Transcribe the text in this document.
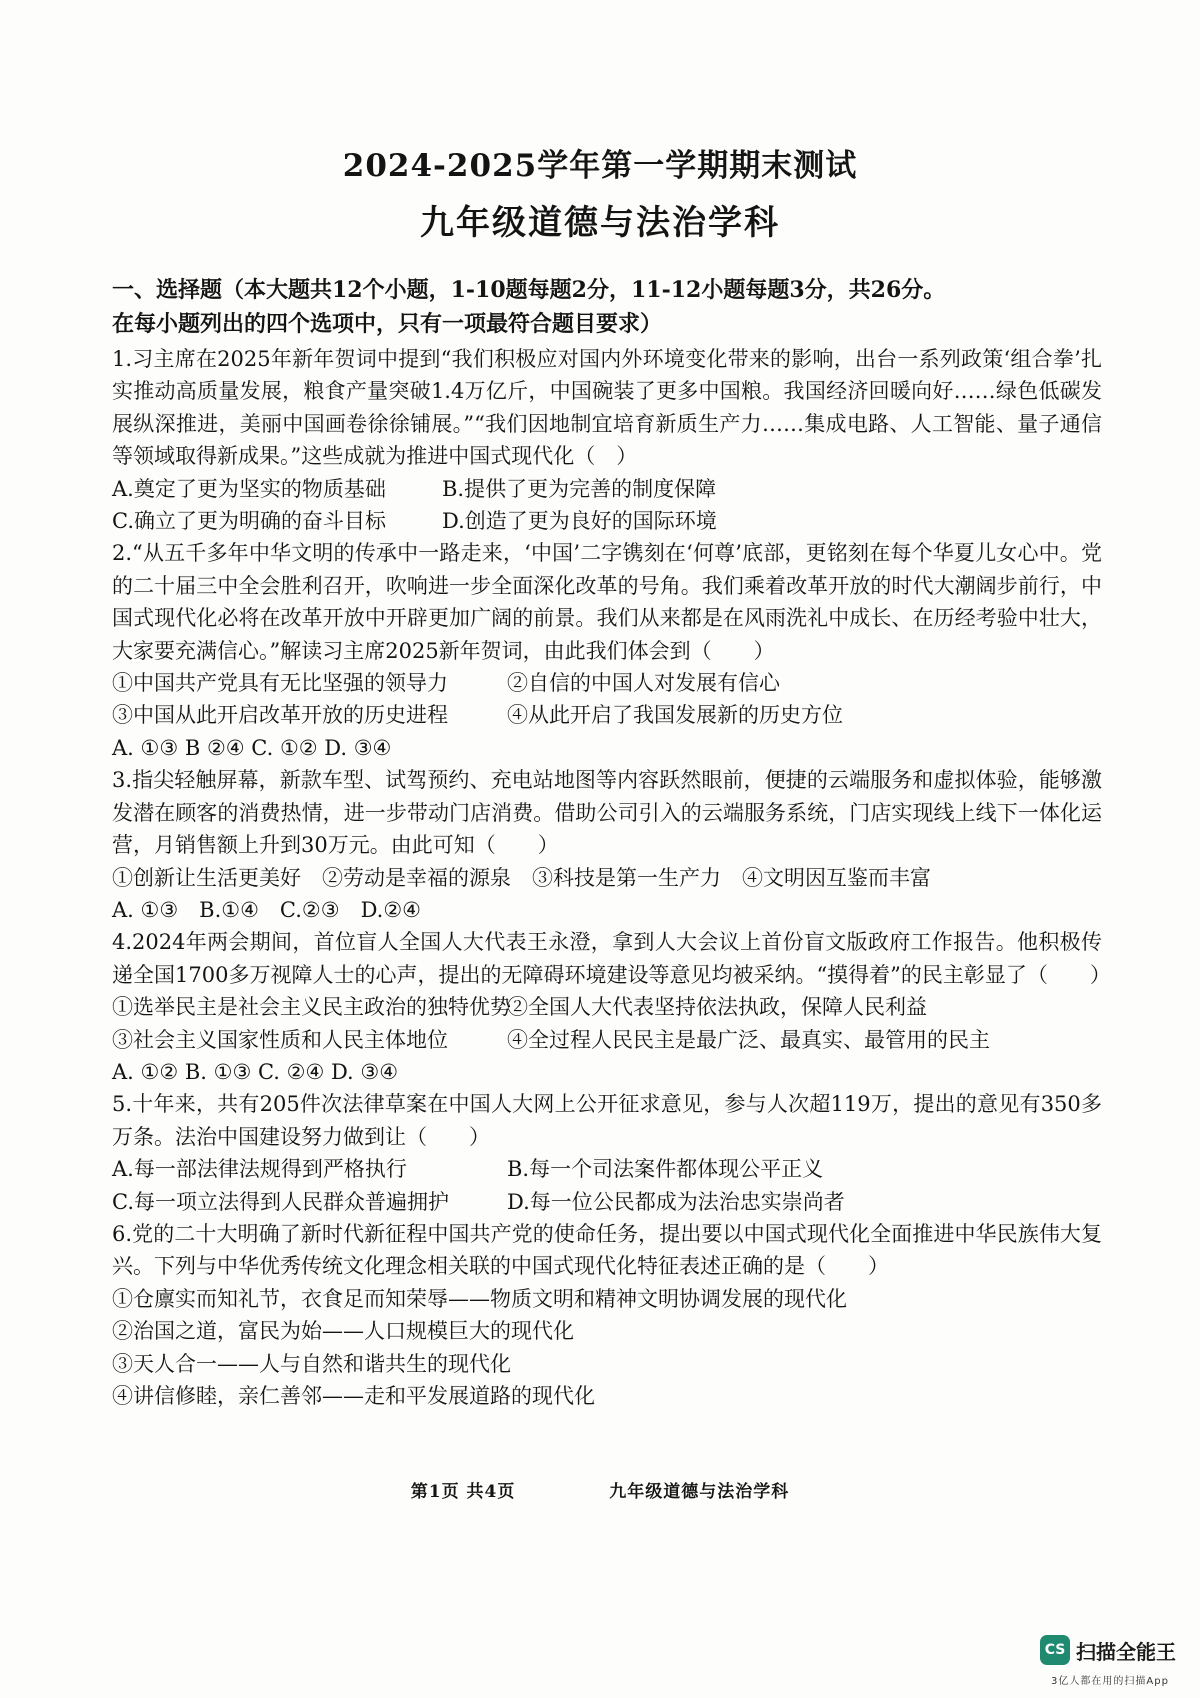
2024-2025学年第一学期期末测试
九年级道德与法治学科
一、选择题（本大题共12个小题，1-10题每题2分，11-12小题每题3分，共26分。
在每小题列出的四个选项中，只有一项最符合题目要求）

1.习主席在2025年新年贺词中提到“我们积极应对国内外环境变化带来的影响，出台一系列政策‘组合拳’扎实推动高质量发展，粮食产量突破1.4万亿斤，中国碗装了更多中国粮。我国经济回暖向好……绿色低碳发展纵深推进，美丽中国画卷徐徐铺展。”“我们因地制宜培育新质生产力……集成电路、人工智能、量子通信等领域取得新成果。”这些成就为推进中国式现代化（　）

A.奠定了更为坚实的物质基础	B.提供了更为完善的制度保障
C.确立了更为明确的奋斗目标	D.创造了更为良好的国际环境

2.“从五千多年中华文明的传承中一路走来，‘中国’二字镌刻在‘何尊’底部，更铭刻在每个华夏儿女心中。党的二十届三中全会胜利召开，吹响进一步全面深化改革的号角。我们乘着改革开放的时代大潮阔步前行，中国式现代化必将在改革开放中开辟更加广阔的前景。我们从来都是在风雨洗礼中成长、在历经考验中壮大，大家要充满信心。”解读习主席2025新年贺词，由此我们体会到（　　）

①中国共产党具有无比坚强的领导力	②自信的中国人对发展有信心
③中国从此开启改革开放的历史进程	④从此开启了我国发展新的历史方位
A. ①③ B ②④ C. ①② D. ③④

3.指尖轻触屏幕，新款车型、试驾预约、充电站地图等内容跃然眼前，便捷的云端服务和虚拟体验，能够激发潜在顾客的消费热情，进一步带动门店消费。借助公司引入的云端服务系统，门店实现线上线下一体化运营，月销售额上升到30万元。由此可知（　　）

①创新让生活更美好　②劳动是幸福的源泉　③科技是第一生产力　④文明因互鉴而丰富
A. ①③　B.①④　C.②③　D.②④

4.2024年两会期间，首位盲人全国人大代表王永澄，拿到人大会议上首份盲文版政府工作报告。他积极传递全国1700多万视障人士的心声，提出的无障碍环境建设等意见均被采纳。“摸得着”的民主彰显了（　　）

①选举民主是社会主义民主政治的独特优势
②全国人大代表坚持依法执政，保障人民利益
③社会主义国家性质和人民主体地位	④全过程人民民主是最广泛、最真实、最管用的民主
A. ①② B. ①③ C. ②④ D. ③④

5.十年来，共有205件次法律草案在中国人大网上公开征求意见，参与人次超119万，提出的意见有350多万条。法治中国建设努力做到让（　　）

A.每一部法律法规得到严格执行	B.每一个司法案件都体现公平正义
C.每一项立法得到人民群众普遍拥护	D.每一位公民都成为法治忠实崇尚者

6.党的二十大明确了新时代新征程中国共产党的使命任务，提出要以中国式现代化全面推进中华民族伟大复兴。下列与中华优秀传统文化理念相关联的中国式现代化特征表述正确的是（　　）

①仓廪实而知礼节，衣食足而知荣辱——物质文明和精神文明协调发展的现代化
②治国之道，富民为始——人口规模巨大的现代化
③天人合一——人与自然和谐共生的现代化
④讲信修睦，亲仁善邻——走和平发展道路的现代化
第1页 共4页	九年级道德与法治学科
CS 扫描全能王
3亿人都在用的扫描App
